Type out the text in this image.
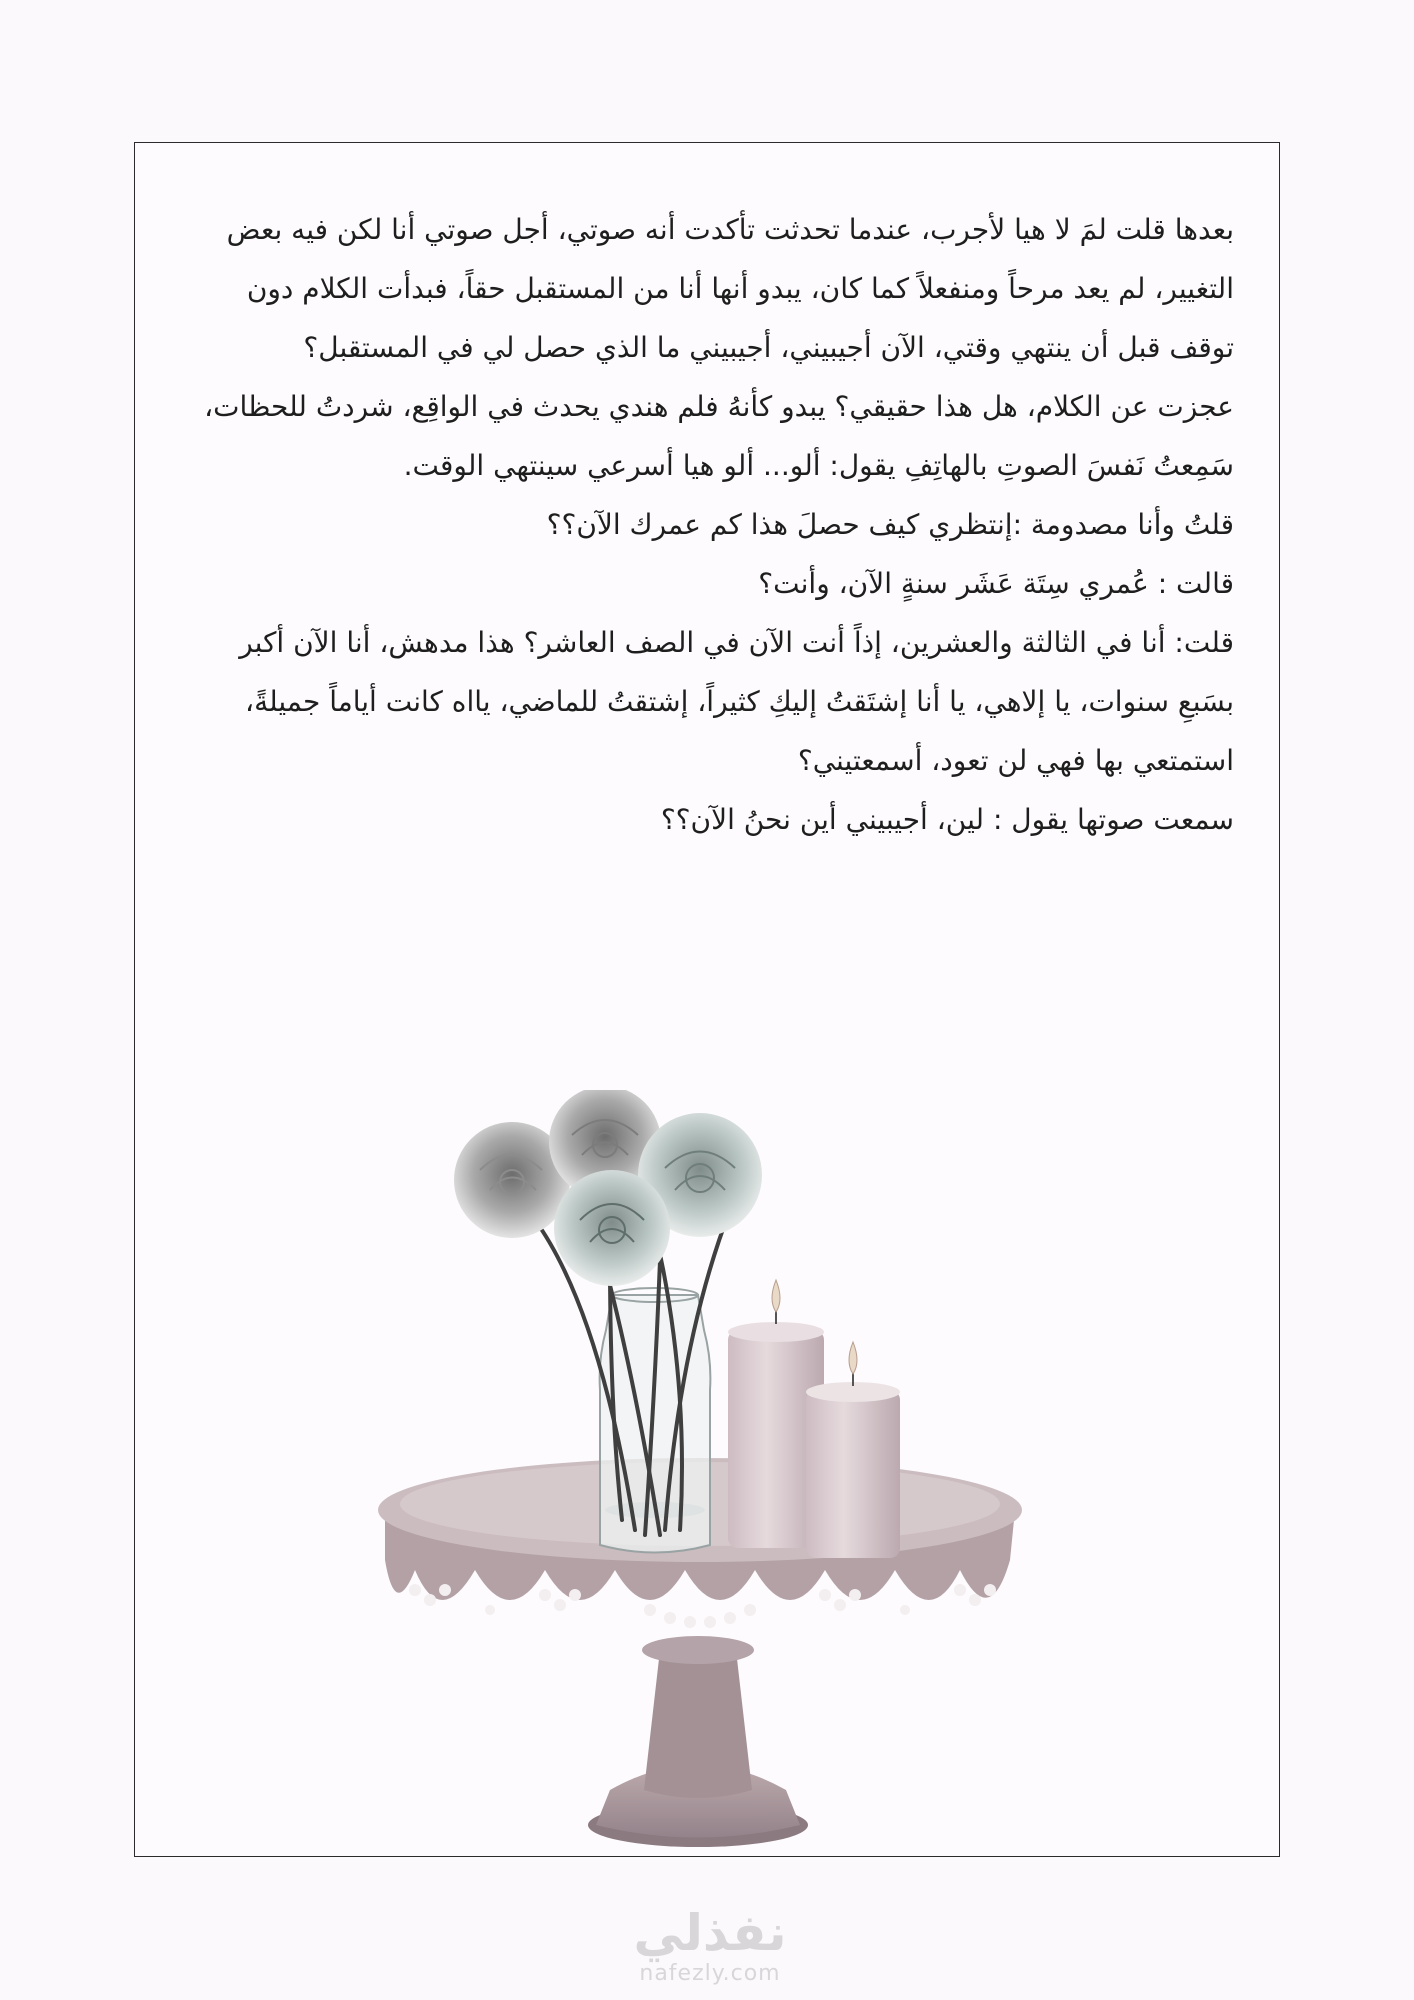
بعدها قلت لمَ لا هيا لأجرب، عندما تحدثت تأكدت أنه صوتي، أجل صوتي أنا لكن فيه بعض التغيير، لم يعد مرحاً ومنفعلاً كما كان، يبدو أنها أنا من المستقبل حقاً، فبدأت الكلام دون توقف قبل أن ينتهي وقتي، الآن أجيبيني، أجيبيني ما الذي حصل لي في المستقبل؟

عجزت عن الكلام، هل هذا حقيقي؟ يبدو كأنهُ فلم هندي يحدث في الواقِع، شردتُ للحظات، سَمِعتُ نَفسَ الصوتِ بالهاتِفِ يقول: ألو... ألو هيا أسرعي سينتهي الوقت.

قلتُ وأنا مصدومة :إنتظري كيف حصلَ هذا كم عمرك الآن؟؟

قالت : عُمري سِتَة عَشَر سنةٍ الآن، وأنت؟

قلت: أنا في الثالثة والعشرين، إذاً أنت الآن في الصف العاشر؟ هذا مدهش، أنا الآن أكبر بسَبعِ سنوات، يا إلاهي، يا أنا إشتَقتُ إليكِ كثيراً، إشتقتُ للماضي، يااه كانت أياماً جميلةً، استمتعي بها فهي لن تعود، أسمعتيني؟

سمعت صوتها يقول : لين، أجيبيني أين نحنُ الآن؟؟

نفذلي
nafezly.com
